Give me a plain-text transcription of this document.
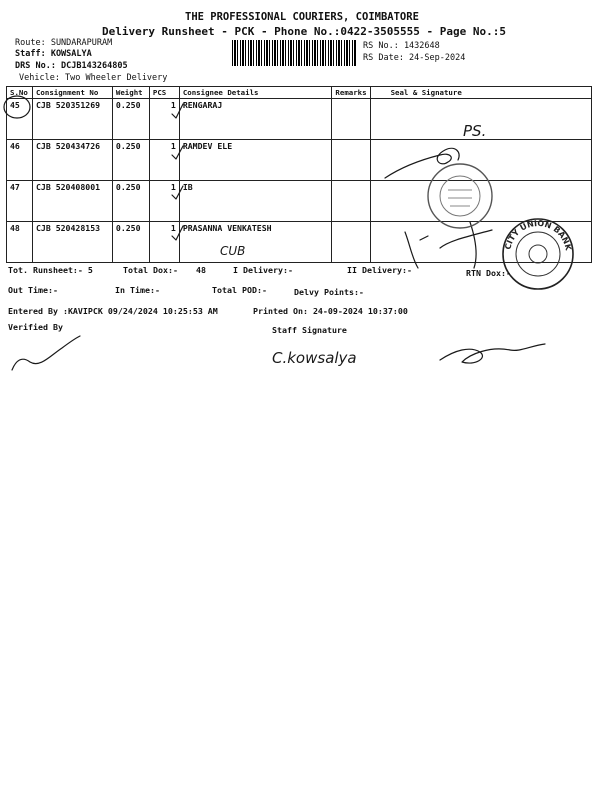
THE PROFESSIONAL COURIERS, COIMBATORE
Delivery Runsheet - PCK - Phone No.:0422-3505555 - Page No.:5
Route: SUNDARAPURAM
Staff: KOWSALYA
DRS No.: DCJB143264805
Vehicle: Two Wheeler Delivery
RS No.: 1432648
RS Date: 24-Sep-2024
S.No	Consignment No	Weight	PCS	Consignee Details	Remarks	Seal & Signature
45	CJB 520351269	0.250	1	RENGARAJ		
46	CJB 520434726	0.250	1	RAMDEV ELE		
47	CJB 520408001	0.250	1	IB		
48	CJB 520428153	0.250	1	PRASANNA VENKATESH		
PS.
CUB	CITY UNION BANK
Tot. Runsheet:- 5	Total Dox:- 48	I Delivery:-	II Delivery:-	RTN Dox:-
Out Time:-	In Time:-	Total POD:-	Delvy Points:-
Entered By :KAVIPCK 09/24/2024 10:25:53 AM	Printed On: 24-09-2024 10:37:00
Verified By	Staff Signature
C.kowsalya
